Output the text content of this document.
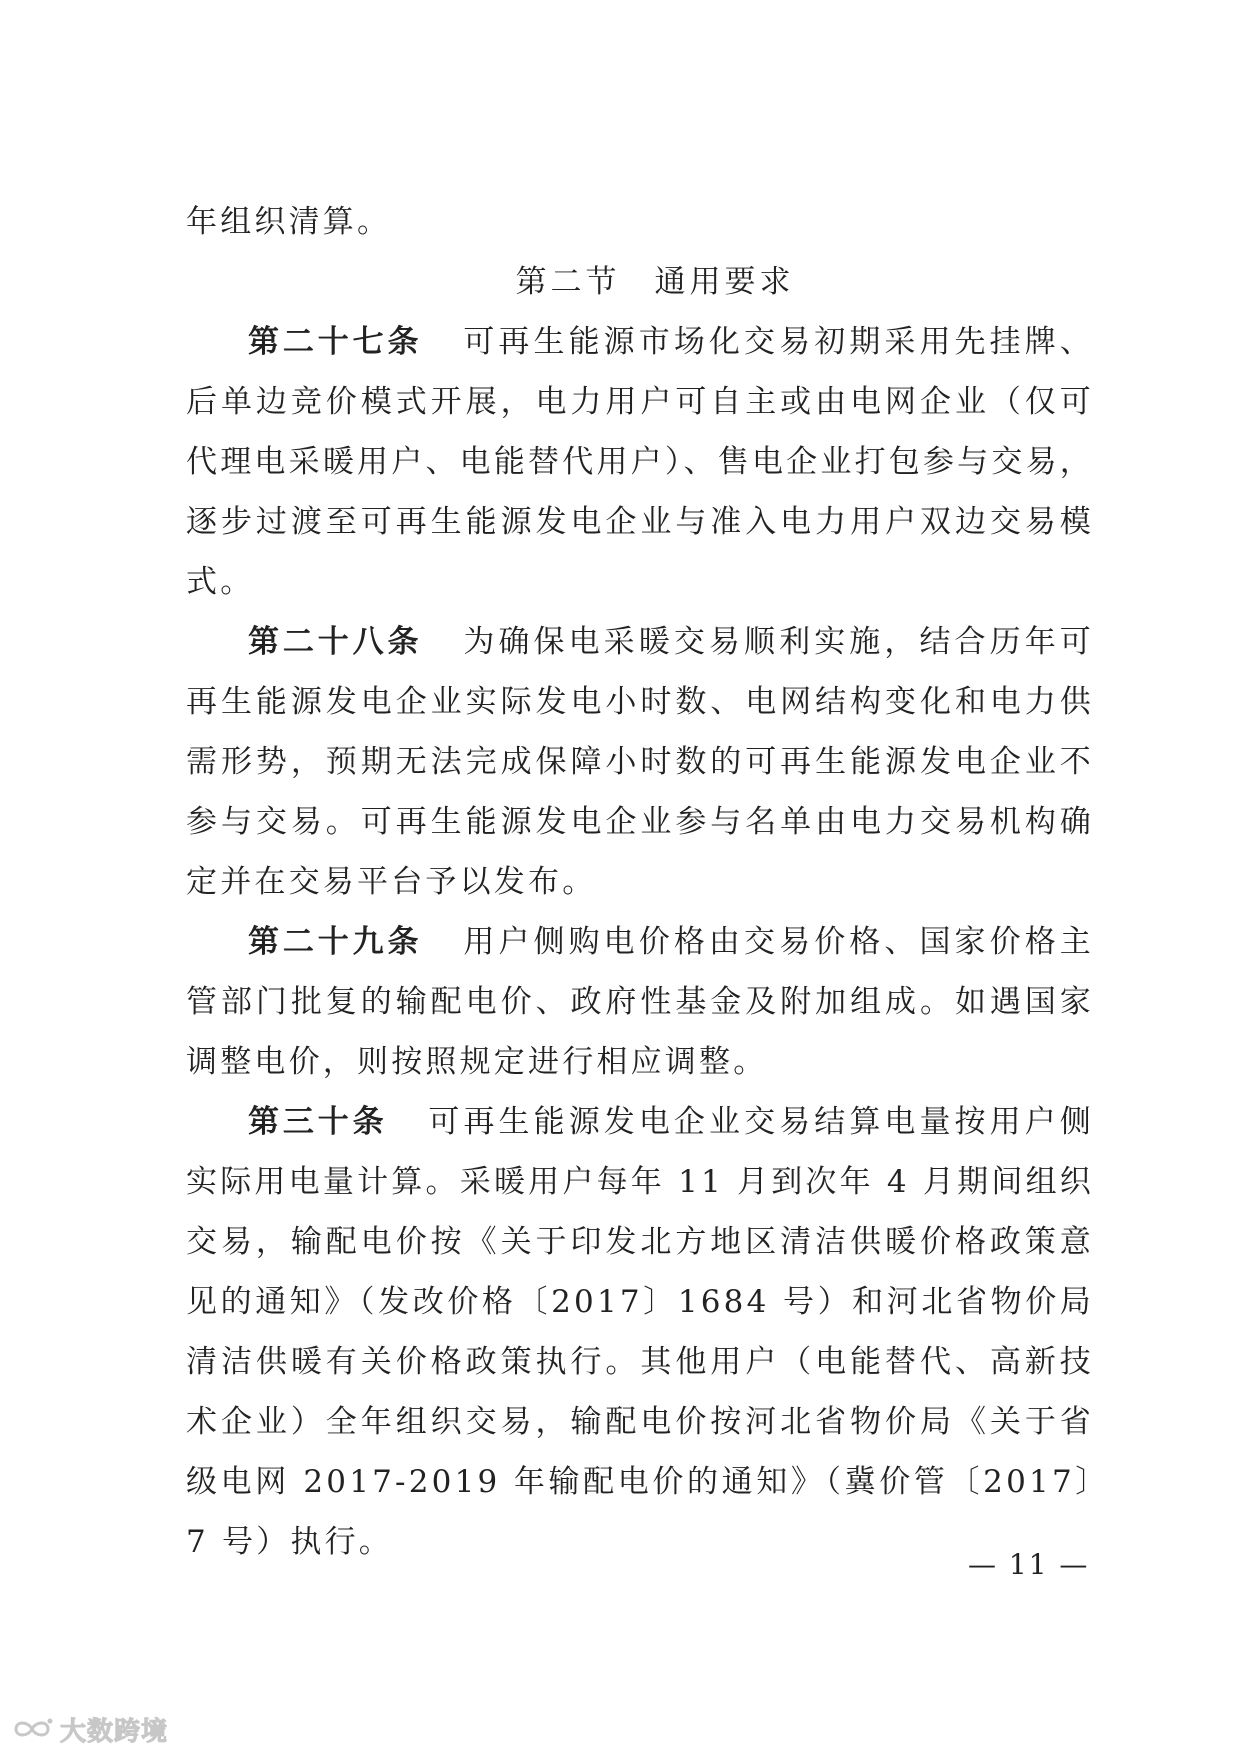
年组织清算。

第二节 通用要求

第二十七条 可再生能源市场化交易初期采用先挂牌、后单边竞价模式开展，电力用户可自主或由电网企业（仅可代理电采暖用户、电能替代用户）、售电企业打包参与交易，逐步过渡至可再生能源发电企业与准入电力用户双边交易模式。

第二十八条 为确保电采暖交易顺利实施，结合历年可再生能源发电企业实际发电小时数、电网结构变化和电力供需形势，预期无法完成保障小时数的可再生能源发电企业不参与交易。可再生能源发电企业参与名单由电力交易机构确定并在交易平台予以发布。

第二十九条 用户侧购电价格由交易价格、国家价格主管部门批复的输配电价、政府性基金及附加组成。如遇国家调整电价，则按照规定进行相应调整。

第三十条 可再生能源发电企业交易结算电量按用户侧实际用电量计算。采暖用户每年 11 月到次年 4 月期间组织交易，输配电价按《关于印发北方地区清洁供暖价格政策意见的通知》（发改价格〔2017〕1684 号）和河北省物价局清洁供暖有关价格政策执行。其他用户（电能替代、高新技术企业）全年组织交易，输配电价按河北省物价局《关于省级电网 2017-2019 年输配电价的通知》（冀价管〔2017〕7 号）执行。

— 11 —
大数跨境
